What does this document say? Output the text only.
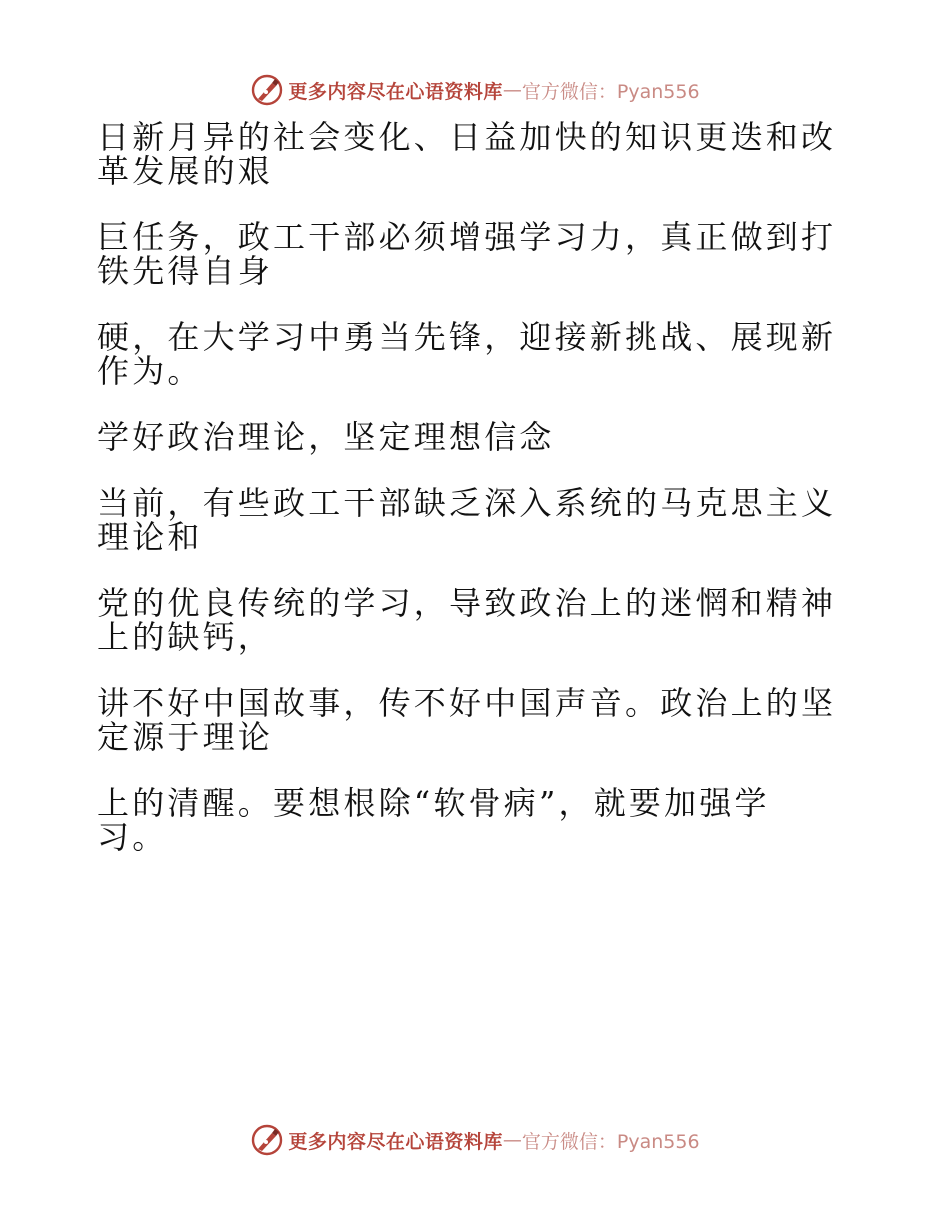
更多内容尽在心语资料库 — 官方微信：Pyan556
日新月异的社会变化、日益加快的知识更迭和改
革发展的艰
巨任务，政工干部必须增强学习力，真正做到打
铁先得自身
硬，在大学习中勇当先锋，迎接新挑战、展现新
作为。
学好政治理论，坚定理想信念
当前，有些政工干部缺乏深入系统的马克思主义
理论和
党的优良传统的学习，导致政治上的迷惘和精神
上的缺钙，
讲不好中国故事，传不好中国声音。政治上的坚
定源于理论
上的清醒。要想根除“软骨病”，就要加强学
习。
更多内容尽在心语资料库 — 官方微信：Pyan556
